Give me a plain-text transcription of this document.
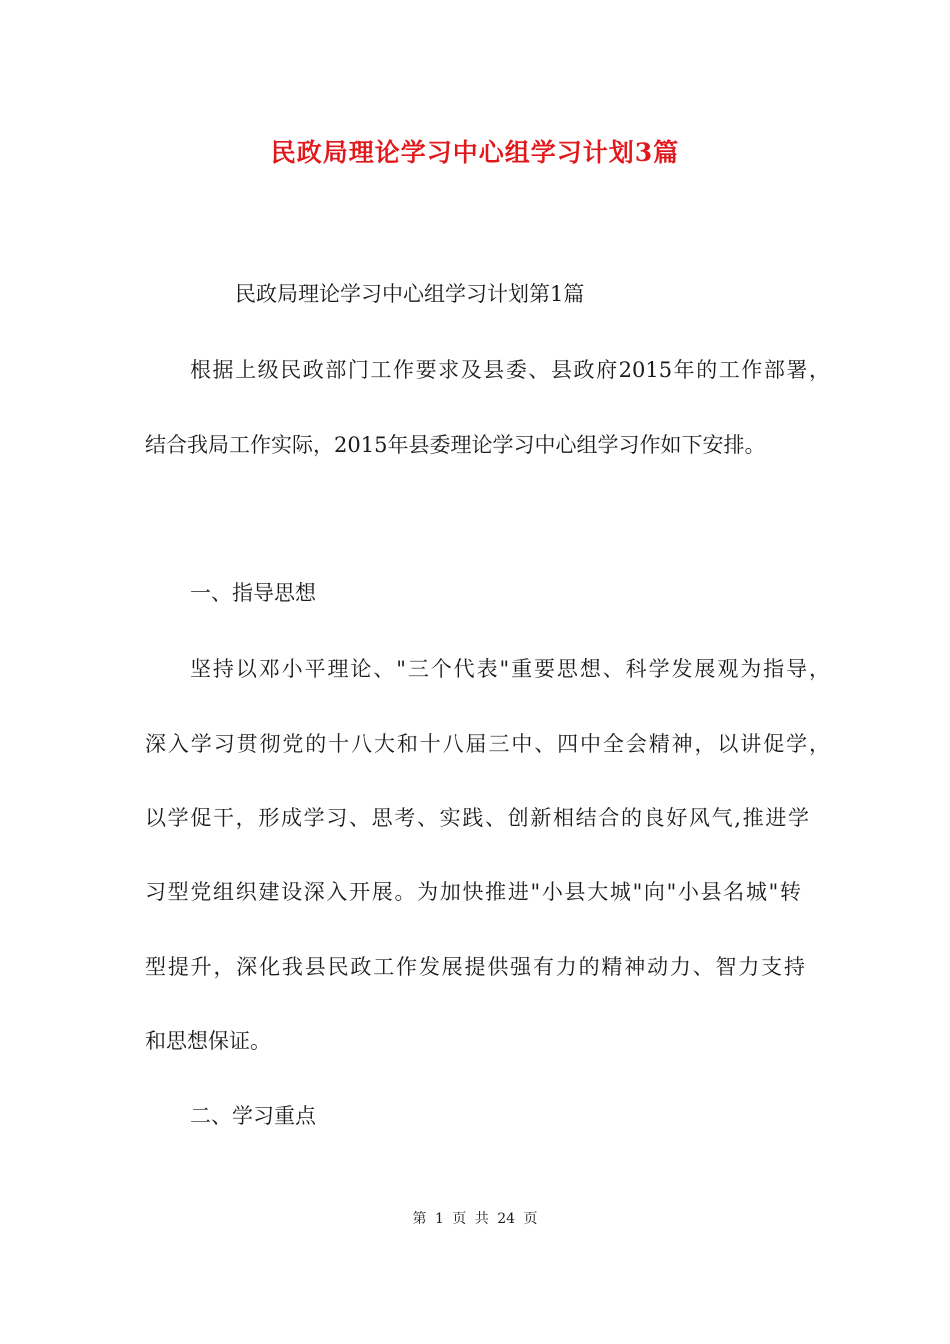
民政局理论学习中心组学习计划3篇

民政局理论学习中心组学习计划第1篇

根据上级民政部门工作要求及县委、县政府2015年的工作部署，

结合我局工作实际，2015年县委理论学习中心组学习作如下安排。

一、指导思想

坚持以邓小平理论、"三个代表"重要思想、科学发展观为指导，

深入学习贯彻党的十八大和十八届三中、四中全会精神，以讲促学，

以学促干，形成学习、思考、实践、创新相结合的良好风气,推进学

习型党组织建设深入开展。为加快推进"小县大城"向"小县名城"转

型提升，深化我县民政工作发展提供强有力的精神动力、智力支持

和思想保证。

二、学习重点

第 1 页 共 24 页
